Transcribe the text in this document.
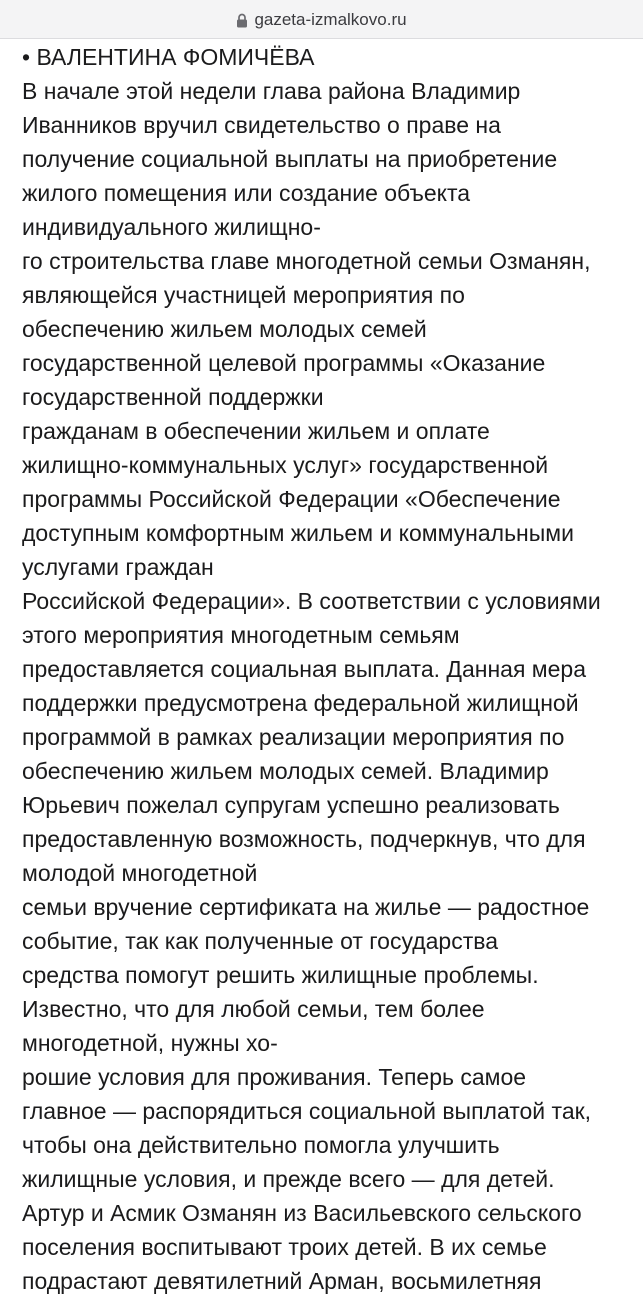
gazeta-izmalkovo.ru
• ВАЛЕНТИНА ФОМИЧЁВА
В начале этой недели глава района Владимир
Иванников вручил свидетельство о праве на
получение социальной выплаты на приобретение
жилого помещения или создание объекта
индивидуального жилищно-
го строительства главе многодетной семьи Озманян,
являющейся участницей мероприятия по
обеспечению жильем молодых семей
государственной целевой программы «Оказание
государственной поддержки
гражданам в обеспечении жильем и оплате
жилищно-коммунальных услуг» государственной
программы Российской Федерации «Обеспечение
доступным комфортным жильем и коммунальными
услугами граждан
Российской Федерации». В соответствии с условиями
этого мероприятия многодетным семьям
предоставляется социальная выплата. Данная мера
поддержки предусмотрена федеральной жилищной
программой в рамках реализации мероприятия по
обеспечению жильем молодых семей. Владимир
Юрьевич пожелал супругам успешно реализовать
предоставленную возможность, подчеркнув, что для
молодой многодетной
семьи вручение сертификата на жилье — радостное
событие, так как полученные от государства
средства помогут решить жилищные проблемы.
Известно, что для любой семьи, тем более
многодетной, нужны хо-
рошие условия для проживания. Теперь самое
главное — распорядиться социальной выплатой так,
чтобы она действительно помогла улучшить
жилищные условия, и прежде всего — для детей.
Артур и Асмик Озманян из Васильевского сельского
поселения воспитывают троих детей. В их семье
подрастают девятилетний Арман, восьмилетняя
